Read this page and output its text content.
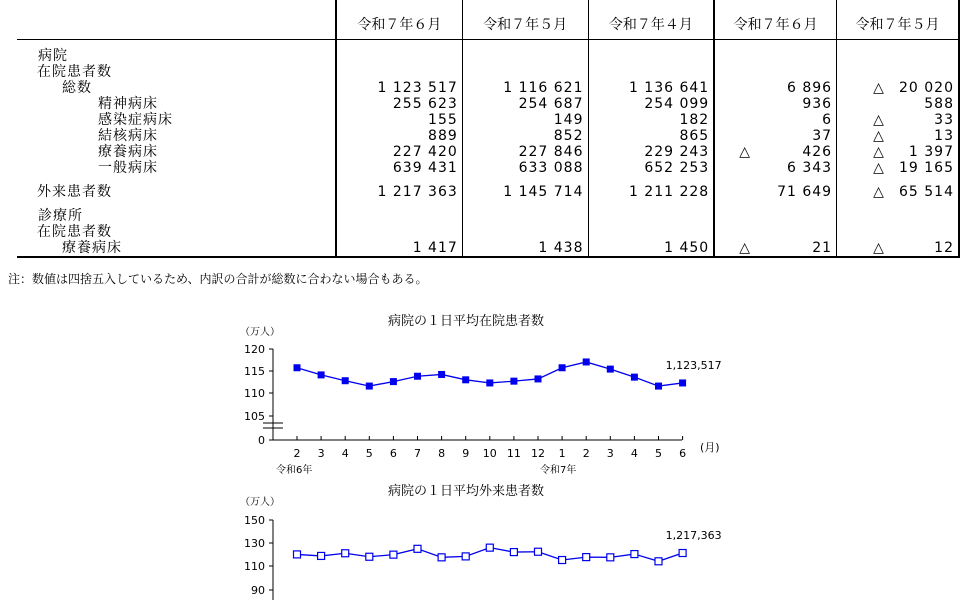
	令和７年６月	令和７年５月	令和７年４月	令和７年６月	令和７年５月

病院					
在院患者数					
総数	1 123 517	1 116 621	1 136 641	6 896	△ 20 020
精神病床	255 623	254 687	254 099	936	588
感染症病床	155	149	182	6	△ 33
結核病床	889	852	865	37	△ 13
療養病床	227 420	227 846	229 243	△ 426	△ 1 397
一般病床	639 431	633 088	652 253	6 343	△ 19 165

外来患者数	1 217 363	1 145 714	1 211 228	71 649	△ 65 514

診療所					
在院患者数					
療養病床	1 417	1 438	1 450	△ 21	△ 12
注：数値は四捨五入しているため、内訳の合計が総数に合わない場合もある。
病院の１日平均在院患者数
（万人）
120
115
110
105
0
1,123,517
2 3 4 5 6 7 8 9 10 11 12 1 2 3 4 5 6 (月)
令和6年	令和7年
病院の１日平均外来患者数
（万人）
150
130
110
90
1,217,363
